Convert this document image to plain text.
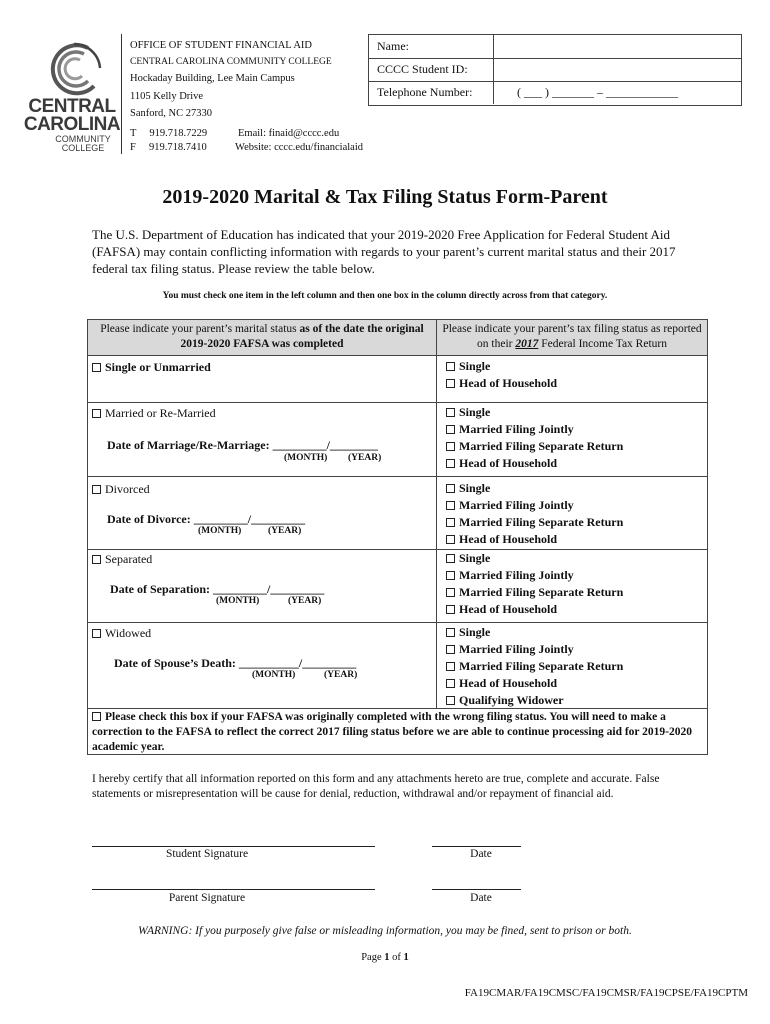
CENTRAL
CAROLINA
COMMUNITY
COLLEGE
OFFICE OF STUDENT FINANCIAL AID
CENTRAL CAROLINA COMMUNITY COLLEGE
Hockaday Building, Lee Main Campus
1105 Kelly Drive
Sanford, NC 27330
T     919.718.7229
F     919.718.7410
Email: finaid@cccc.edu
Website: cccc.edu/financialaid
Name:
CCCC Student ID:
Telephone Number:	( ___ ) _______ – ____________
2019-2020 Marital & Tax Filing Status Form-Parent
The U.S. Department of Education has indicated that your 2019-2020 Free Application for Federal Student Aid (FAFSA) may contain conflicting information with regards to your parent’s current marital status and their 2017 federal tax filing status. Please review the table below.
You must check one item in the left column and then one box in the column directly across from that category.
Please indicate your parent’s marital status as of the date the original 2019-2020 FAFSA was completed
Please indicate your parent’s tax filing status as reported on their 2017 Federal Income Tax Return
Single or Unmarried	Single
Head of Household
Married or Re-Married
Date of Marriage/Re-Marriage: _________/________
(MONTH) (YEAR)
Single
Married Filing Jointly
Married Filing Separate Return
Head of Household
Divorced
Date of Divorce: _________/_________
(MONTH)	(YEAR)
Single
Married Filing Jointly
Married Filing Separate Return
Head of Household
Separated
Date of Separation: _________/_________
(MONTH)	(YEAR)
Single
Married Filing Jointly
Married Filing Separate Return
Head of Household
Widowed
Date of Spouse’s Death: __________/_________
(MONTH)	(YEAR)
Single
Married Filing Jointly
Married Filing Separate Return
Head of Household
Qualifying Widower
Please check this box if your FAFSA was originally completed with the wrong filing status. You will need to make a correction to the FAFSA to reflect the correct 2017 filing status before we are able to continue processing aid for 2019-2020 academic year.
I hereby certify that all information reported on this form and any attachments hereto are true, complete and accurate. False statements or misrepresentation will be cause for denial, reduction, withdrawal and/or repayment of financial aid.
Student Signature	Date
Parent Signature	Date
WARNING: If you purposely give false or misleading information, you may be fined, sent to prison or both.
Page 1 of 1
FA19CMAR/FA19CMSC/FA19CMSR/FA19CPSE/FA19CPTM
